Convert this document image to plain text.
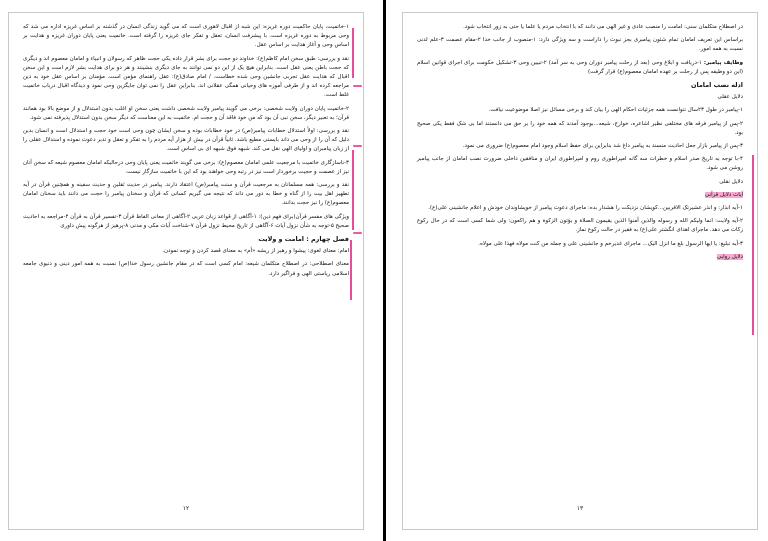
۱-خاتمیت، پایان حاکمیت دوره غریزه: این شبه از اقبال لاهوری است که می گوید زندگی انسان در گذشته بر اساس غریزه اداره می شد که وحی مربوط به دوره غریزه است. با پیشرفت انسان، تعقل و تفکر جای غریزه را گرفته است. خاتمیت یعنی پایان دوران غریزه و هدایت بر اساس وحی و آغاز هدایت بر اساس عقل.

نقد و بررسی: طبق سخن امام کاظم(ع): خداوند دو حجت برای بشر قرار داده یکی حجت ظاهر که رسولان و انبیاء و امامان معصوم اند و دیگری که حجت باطن یعنی عقل است. بنابراین هیچ یک از این دو نمی توانند به جای دیگری بنشینند و هر دو برای هدایت بشر لازم است و این سخن اقبال که هدایت عقل تجربی جانشین وحی شده خطاست. / امام صادق(ع): عقل راهنمای مؤمن است. مؤمنان بر اساس عقل خود به دین مراجعه کرده اند و از طرفی آموزه های وحیانی همگی عقلانی اند. بنابراین عقل را نمی توان جایگزین وحی نمود و دیدگاه اقبال درباب خاتمیت غلط است.

۲-خاتمیت پایان دوران ولایت شخصی: برخی می گویند پیامبر ولایت شخصی داشت یعنی سخن او اغلب بدون استدلال و از موضع بالا بود همانند قرآن؛ به تعبیر دیگر، سخن نبی آن بود که من خود فاقد آن و حجت ام. خاتمیت به این معناست که دیگر سخن بدون استدلال پذیرفته نمی شود.

نقد و بررسی: اولاً استدلال خطابات پیامبر(ص) در خود خطابات بوده و سخن ایشان چون وحی است خود حجت و استدلال است و انسان بدین دلیل که آن را از وحی می داند بایستی مطیع باشد. ثانیاً قرآن در بیش از هزار آیه مردم را به تفکر و تعقل و تدبر دعوت نموده و استدلال عقلی را از زبان پیامبران و اولیای الهی نقل می کند. شبهه فوق شبهه ای بی اساس است.

۳-ناسازگاری خاتمیت با مرجعیت علمی امامان معصوم(ع): برخی می گویند خاتمیت یعنی پایان وحی درحالیکه امامان معصوم شیعه که سخن آنان نیز از عصمت و حجیت برخوردار است نیز در رتبه وحی خواهند بود که این با خاتمیت سازگار نیست.

نقد و بررسی: همه مسلمانان به مرجعیت قرآن و سنت پیامبر(ص) اعتقاد دارند. پیامبر در حدیث ثقلین و حدیث سفینه و همچنین قرآن در آیه تطهیر اهل بیت را از گناه و خطا به دور می داند که نتیجه می گیریم کسانی که قرآن و سخنان پیامبر را حجت می دانند باید سخنان امامان معصوم(ع) را نیز حجت بدانند.

ویژگی های مفسر قرآن(برای فهم دین): ۱-آگاهی از قواعد زبان عربی ۲-آگاهی از معانی الفاظ قرآن ۳-تفسیر قرآن به قرآن ۴-مراجعه به احادیث صحیح ۵-توجه به شأن نزول آیات ۶-آگاهی از تاریخ محیط نزول قرآن ۷-شناخت آیات مکی و مدنی ۸-پرهیز از هرگونه پیش داوری

فصل چهارم : امامت و ولایت

امام: معنای لغوی: پیشوا و رهبر از ریشه «أم» به معنای قصد کردن و توجه نمودن.

معنای اصطلاحی: در اصطلاح متکلمان شیعه: امام کسی است که در مقام جانشین رسول خدا(ص) نسبت به همه امور دینی و دنیوی جامعه اسلامی ریاستی الهی و فراگیر دارد.

۱۲

در اصطلاح متکلمان سنی: امامت را منصب عادی و غیر الهی می دانند که با انتخاب مردم یا علما یا حتی به زور انتخاب شود.

براساس این تعریف امامان تمام شئون پیامبری بجز نبوت را داراست و سه ویژگی دارد: ۱-منصوب از جانب خدا ۲-مقام عصمت ۳-علم لدنی نسبت به همه امور.

وظایف پیامبر: ۱-دریافت و ابلاغ وحی (بعد از رحلت پیامبر دوران وحی به سر آمد) ۲-تبیین وحی ۳-تشکیل حکومت برای اجرای قوانین اسلام (این دو وظیفه پس از رحلت بر عهده امامان معصوم(ع) قرار گرفت)

ادله نصب امامان

دلایل عقلی

۱-پیامبر در طول ۲۳سال نتوانست همه جزئیات احکام الهی را بیان کند و برخی مسائل نیز اصلا موضوعیت نیافت.

۲-پس از پیامبر فرقه های مختلفی نظیر اشاعره، خوارج، شیعه...بوجود آمدند که همه خود را بر حق می دانستند اما بی شک فقط یکی صحیح بود.

۳-پس از پیامبر بازار جعل احادیث منسند به پیامبر داغ شد بنابراین برای حفظ اسلام وجود امام معصوم(ع) ضروری می نمود.

۴-با توجه به تاریخ صدر اسلام و خطرات سه گانه امپراطوری روم و امپراطوری ایران و منافقین داخلی ضرورت نصب امامان از جانب پیامبر روشن می شود.

دلایل نقلی

آیات دلایل قرآنی

۱-آیه انذار: و انذر عشیرتک الاقربین...کویشان نزدیکت را هشدار بده: ماجرای دعوت پیامبر از خویشاوندان خودش و اعلام جانشینی علی(ع).

۲-آیه ولایت: انما ولیکم الله و رسوله والذین آمنوا الذین یقیمون الصلاة و یؤتون الزکوة و هم راکعون: ولی شما کسی است که در حال رکوع زکات می دهد. ماجرای اهدای انگشتر علی(ع) به فقیر در حالت رکوع نماز.

۳-آیه تبلیغ: یا ایها الرسول بلغ ما انزل الیک... ماجرای غدیرخم و جانشینی علی و جمله من کنت مولاه فهذا علی مولاه.

دلایل روایی

۱۳
